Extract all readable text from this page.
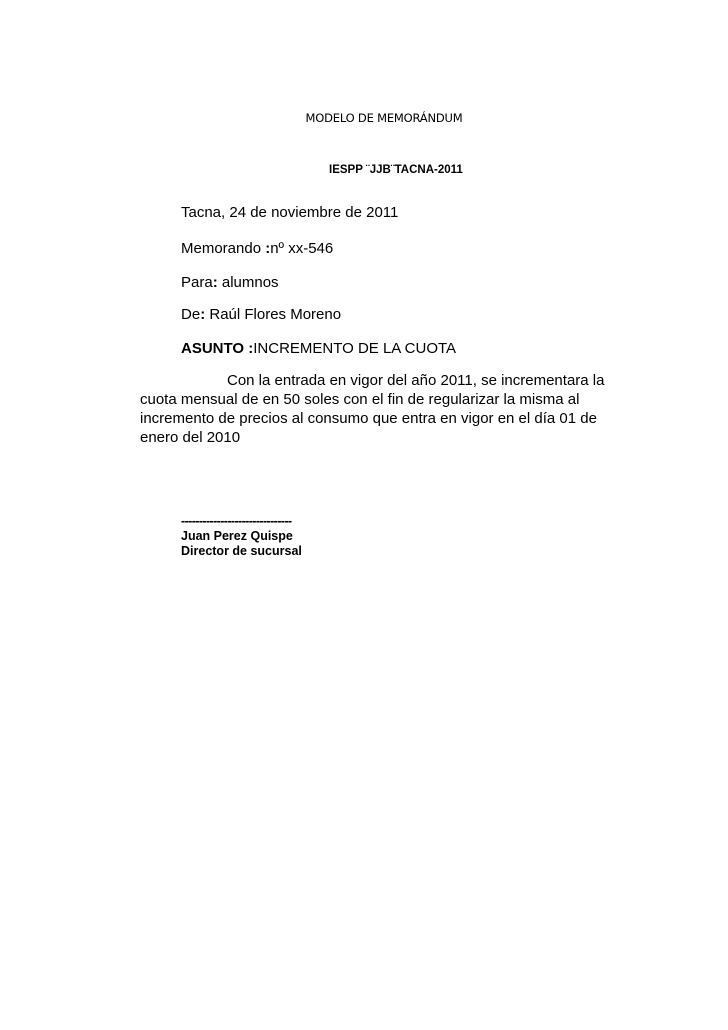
MODELO DE MEMORÁNDUM
IESPP ¨JJB¨TACNA-2011
Tacna, 24 de noviembre de 2011
Memorando :nº xx-546
Para: alumnos
De: Raúl Flores Moreno
ASUNTO :INCREMENTO DE LA CUOTA
Con la entrada en vigor del año 2011, se incrementara la cuota mensual de en 50 soles con el fin de regularizar la misma al incremento de precios al consumo que entra en vigor en el día 01 de enero del 2010
-------------------------------
Juan Perez Quispe
Director de sucursal
